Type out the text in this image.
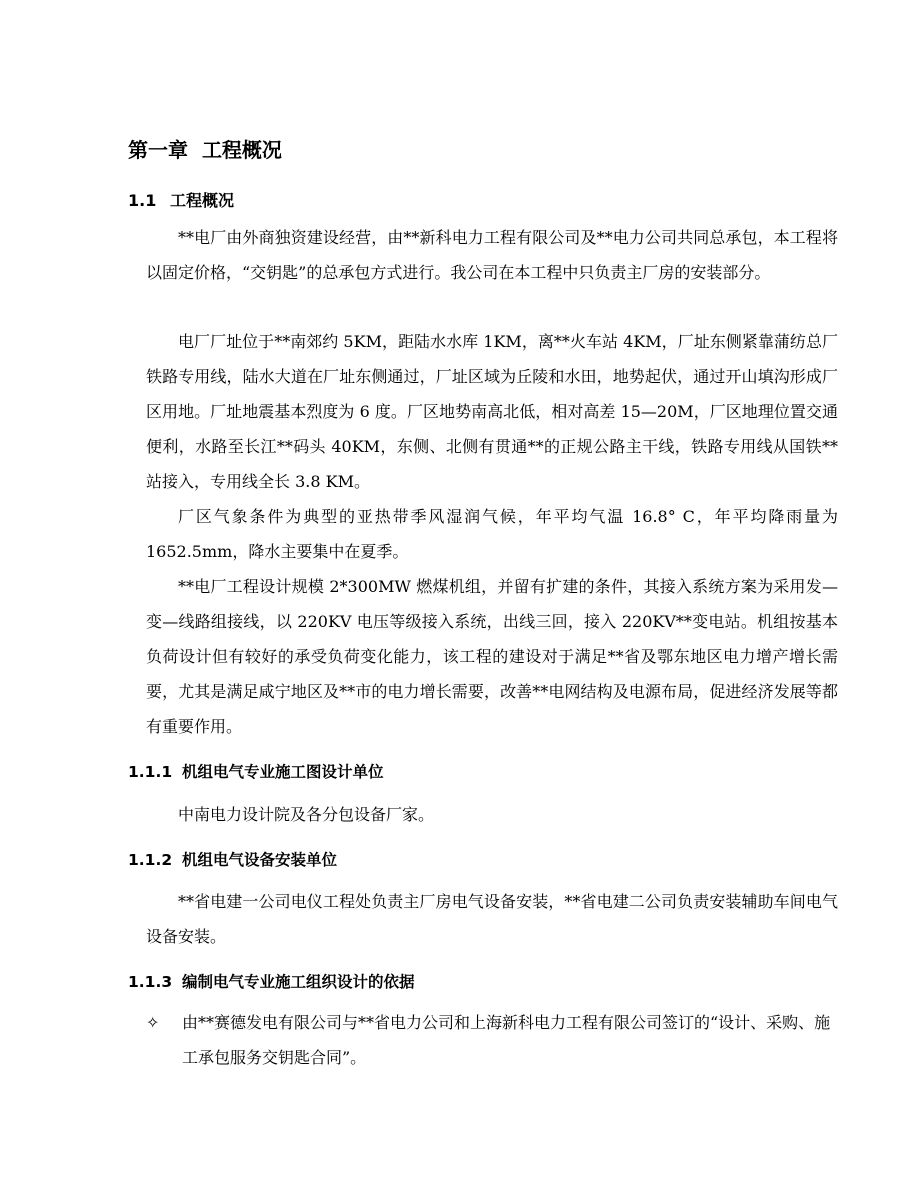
第一章 工程概况
1.1 工程概况

**电厂由外商独资建设经营，由**新科电力工程有限公司及**电力公司共同总承包，本工程将以固定价格，“交钥匙”的总承包方式进行。我公司在本工程中只负责主厂房的安装部分。

电厂厂址位于**南郊约 5KM，距陆水水库 1KM，离**火车站 4KM，厂址东侧紧靠蒲纺总厂铁路专用线，陆水大道在厂址东侧通过，厂址区域为丘陵和水田，地势起伏，通过开山填沟形成厂区用地。厂址地震基本烈度为 6 度。厂区地势南高北低，相对高差 15—20M，厂区地理位置交通便利，水路至长江**码头 40KM，东侧、北侧有贯通**的正规公路主干线，铁路专用线从国铁**站接入，专用线全长 3.8 KM。

厂区气象条件为典型的亚热带季风湿润气候，年平均气温 16.8° C，年平均降雨量为 1652.5mm，降水主要集中在夏季。

**电厂工程设计规模 2*300MW 燃煤机组，并留有扩建的条件，其接入系统方案为采用发—变—线路组接线，以 220KV 电压等级接入系统，出线三回，接入 220KV**变电站。机组按基本负荷设计但有较好的承受负荷变化能力，该工程的建设对于满足**省及鄂东地区电力增产增长需要，尤其是满足咸宁地区及**市的电力增长需要，改善**电网结构及电源布局，促进经济发展等都有重要作用。

1.1.1 机组电气专业施工图设计单位

中南电力设计院及各分包设备厂家。

1.1.2 机组电气设备安装单位

**省电建一公司电仪工程处负责主厂房电气设备安装，**省电建二公司负责安装辅助车间电气设备安装。

1.1.3 编制电气专业施工组织设计的依据
✧ 由**赛德发电有限公司与**省电力公司和上海新科电力工程有限公司签订的“设计、采购、施工承包服务交钥匙合同”。
